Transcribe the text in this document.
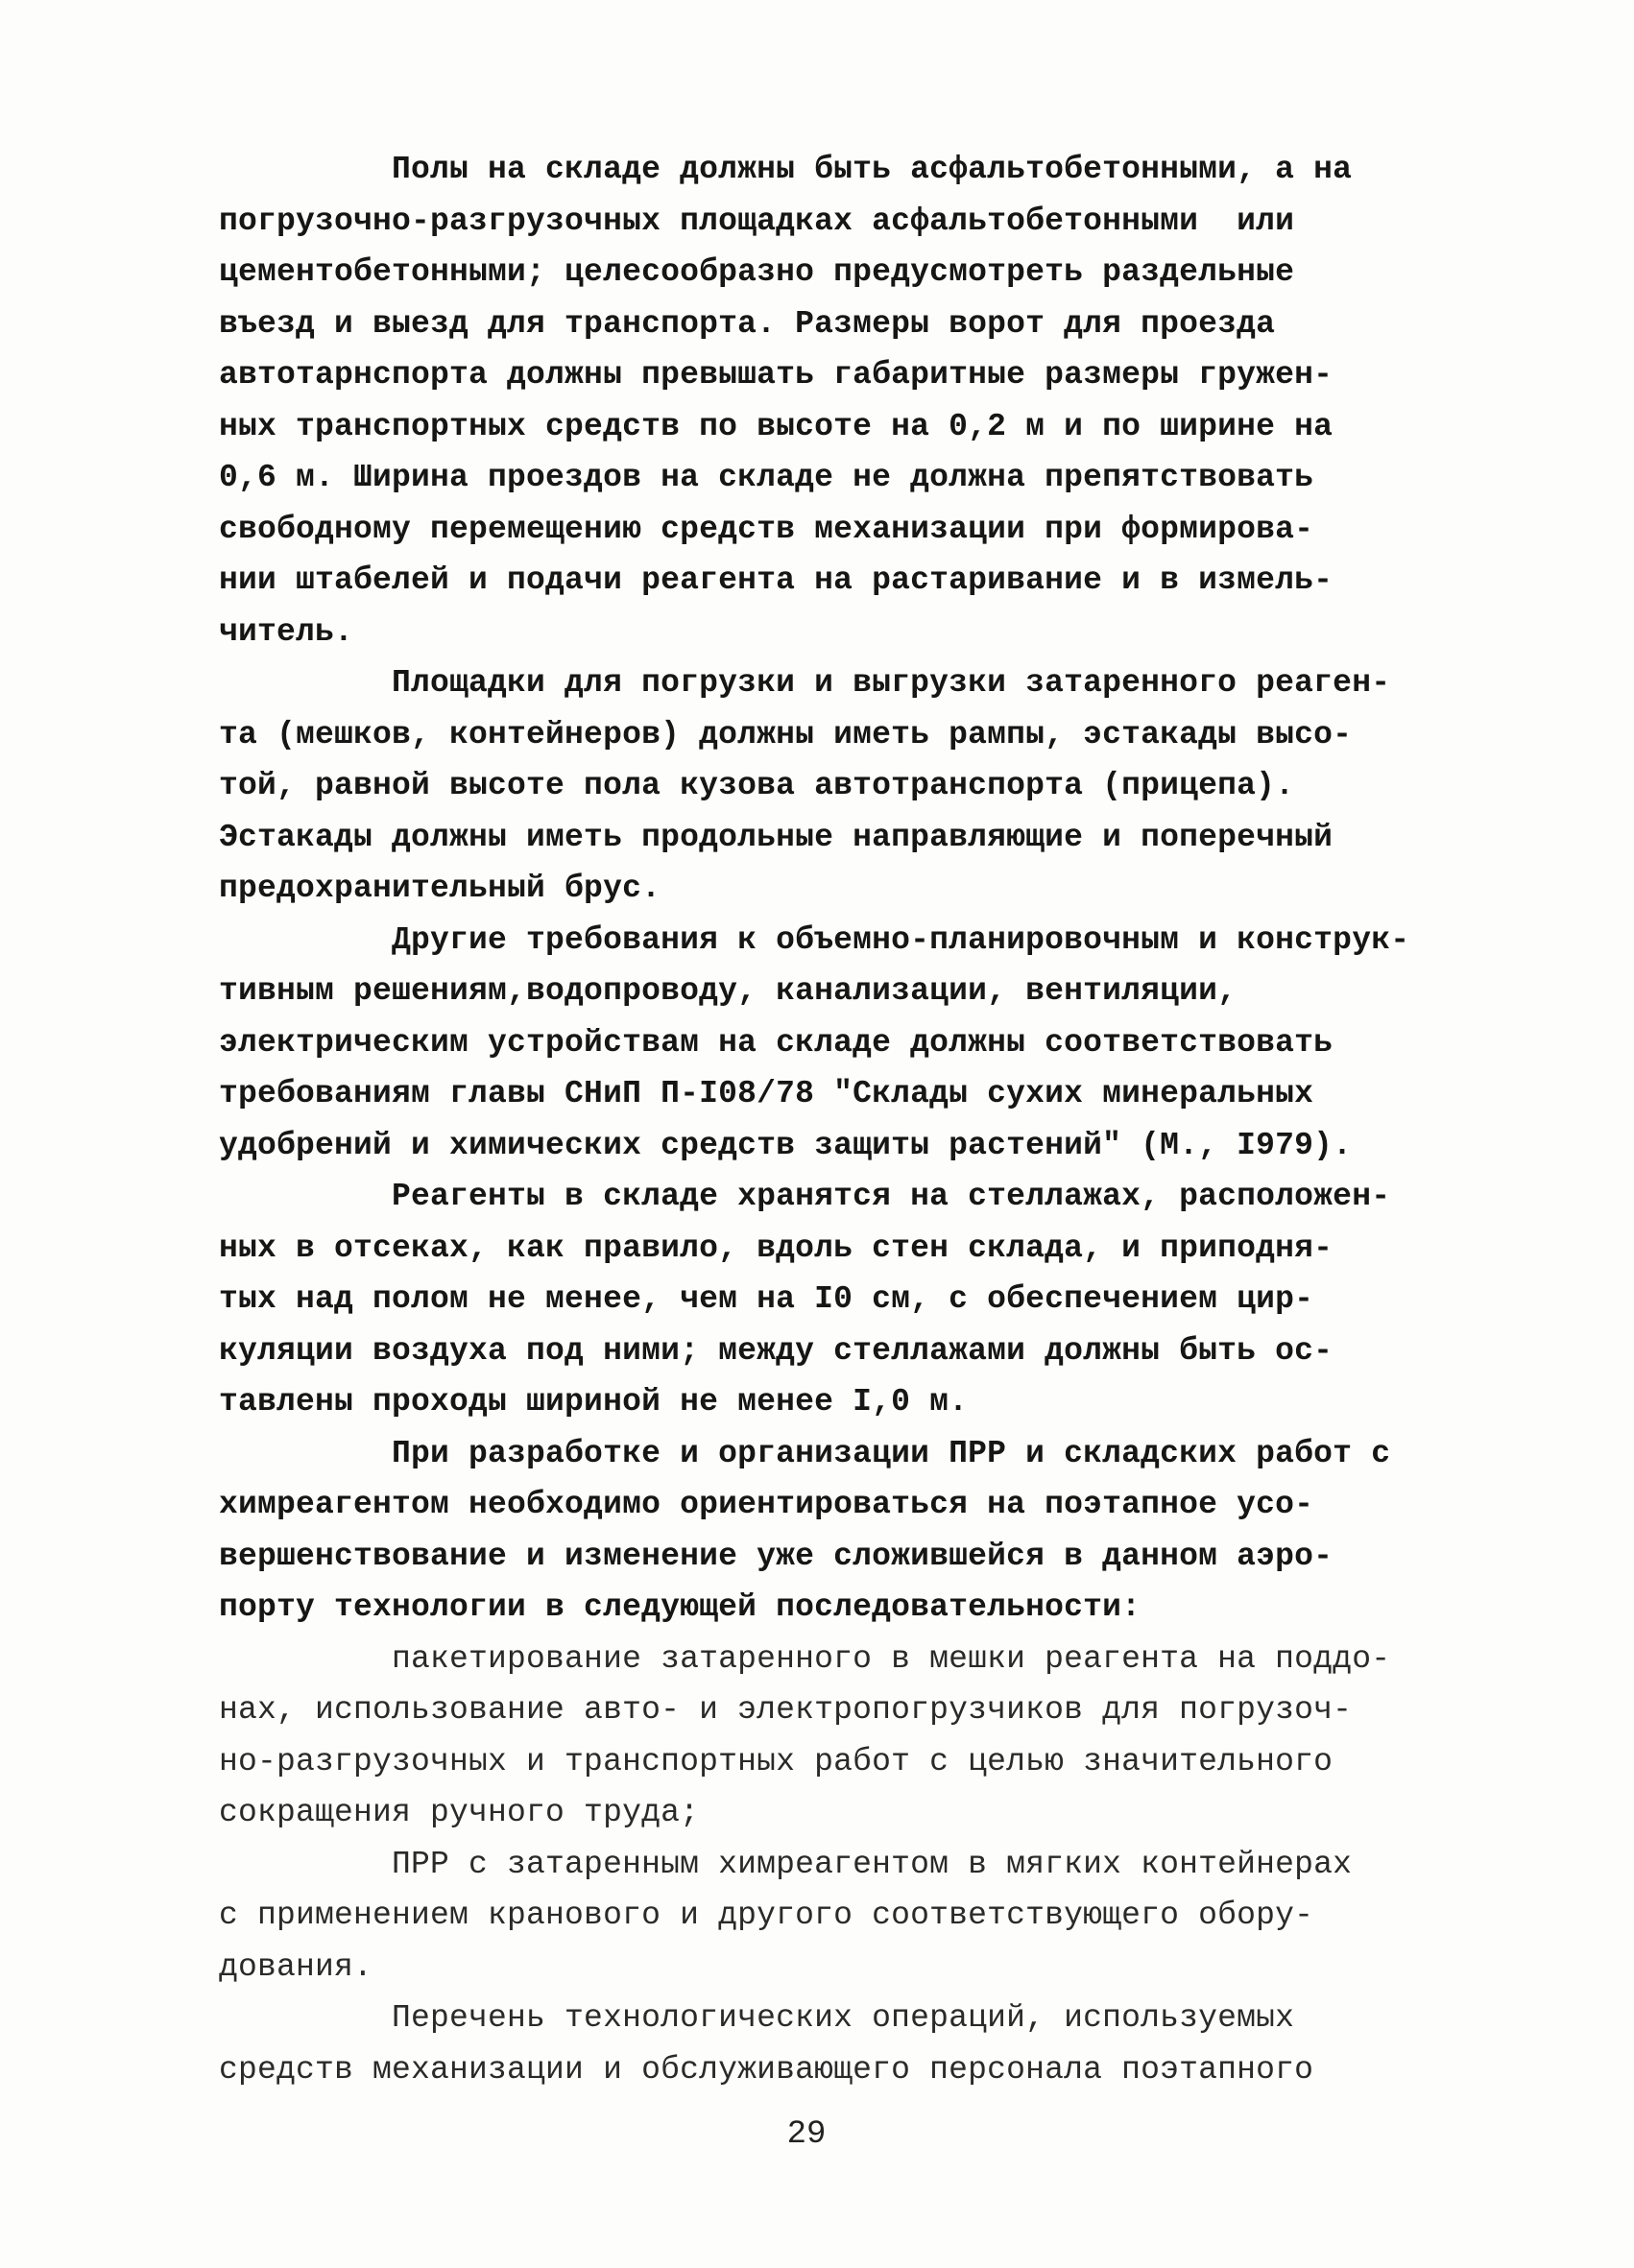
Полы на складе должны быть асфальтобетонными, а на
погрузочно-разгрузочных площадках асфальтобетонными  или
цементобетонными; целесообразно предусмотреть раздельные
въезд и выезд для транспорта. Размеры ворот для проезда
автотарнспорта должны превышать габаритные размеры гружен-
ных транспортных средств по высоте на 0,2 м и по ширине на
0,6 м. Ширина проездов на складе не должна препятствовать
свободному перемещению средств механизации при формирова-
нии штабелей и подачи реагента на растаривание и в измель-
читель.
Площадки для погрузки и выгрузки затаренного реаген-
та (мешков, контейнеров) должны иметь рампы, эстакады высо-
той, равной высоте пола кузова автотранспорта (прицепа).
Эстакады должны иметь продольные направляющие и поперечный
предохранительный брус.
Другие требования к объемно-планировочным и конструк-
тивным решениям,водопроводу, канализации, вентиляции,
электрическим устройствам на складе должны соответствовать
требованиям главы СНиП П-I08/78 "Склады сухих минеральных
удобрений и химических средств защиты растений" (М., I979).
Реагенты в складе хранятся на стеллажах, расположен-
ных в отсеках, как правило, вдоль стен склада, и приподня-
тых над полом не менее, чем на I0 см, с обеспечением цир-
куляции воздуха под ними; между стеллажами должны быть ос-
тавлены проходы шириной не менее I,0 м.
При разработке и организации ПРР и складских работ с
химреагентом необходимо ориентироваться на поэтапное усо-
вершенствование и изменение уже сложившейся в данном аэро-
порту технологии в следующей последовательности:
пакетирование затаренного в мешки реагента на поддо-
нах, использование авто- и электропогрузчиков для погрузоч-
но-разгрузочных и транспортных работ с целью значительного
сокращения ручного труда;
ПРР с затаренным химреагентом в мягких контейнерах
с применением кранового и другого соответствующего обору-
дования.
Перечень технологических операций, используемых
средств механизации и обслуживающего персонала поэтапного
29
